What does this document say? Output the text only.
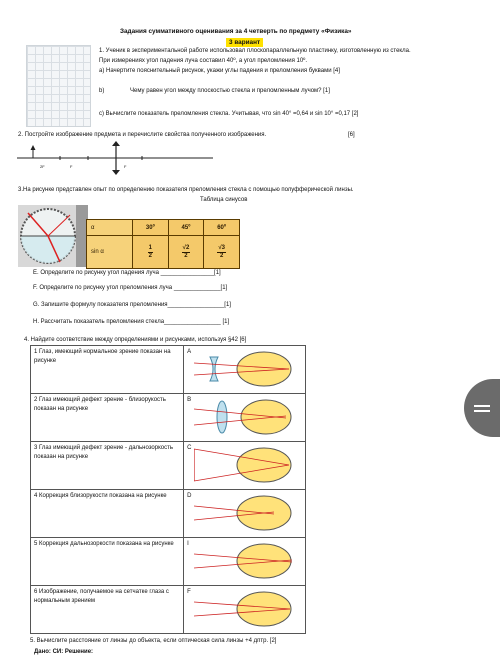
Задания суммативного оценивания за 4 четверть по предмету «Физика»
3 вариант
1. Ученик в экспериментальной работе использовал плоскопараллельную пластинку, изготовленную из стекла.
При измерениях угол падения луча составил 40º, а угол преломления 10º.
а) Начертите пояснительный рисунок, укажи углы падения и преломления буквами [4]
b)	Чему равен угол между плоскостью стекла и преломленным лучом? [1]
с) Вычислите показатель преломления стекла. Учитывая, что sin 40° =0,64 и sin 10° =0,17 [2]
2. Постройте изображение предмета и перечислите свойства полученного изображения.	[6]
2F	F	F
3.На рисунке представлен опыт по определению показателя преломления стекла с помощью полуфферической линзы.
Таблица синусов
α	30º	45º	60º
sin α	$\frac{1}{2}$	$\frac{√2}{2}$	$\frac{√3}{2}$
E. Определите по рисунку угол падения луча ________________[1]
F. Определите по рисунку угол преломления луча ______________[1]
G. Запишите формулу показателя преломления_________________[1]
H. Рассчитать показатель преломления стекла_________________ [1]
4. Найдите соответствие между определениями и рисунками, используя §42 [6]
1 Глаз, имеющий нормальное зрение показан на рисунке	A

2 Глаз имеющий дефект зрение - близорукость показан на рисунке	B

3 Глаз имеющий дефект зрение - дальнозоркость показан на рисунке	C

4 Коррекция близорукости показана на рисунке	D

5 Коррекция дальнозоркости показана на рисунке	I

6 Изображение, получаемое на сетчатке глаза с нормальным зрением	F
5. Вычислите расстояние от линзы до объекта, если оптическая сила линзы +4 дптр. [2]
Дано: СИ: Решение:
